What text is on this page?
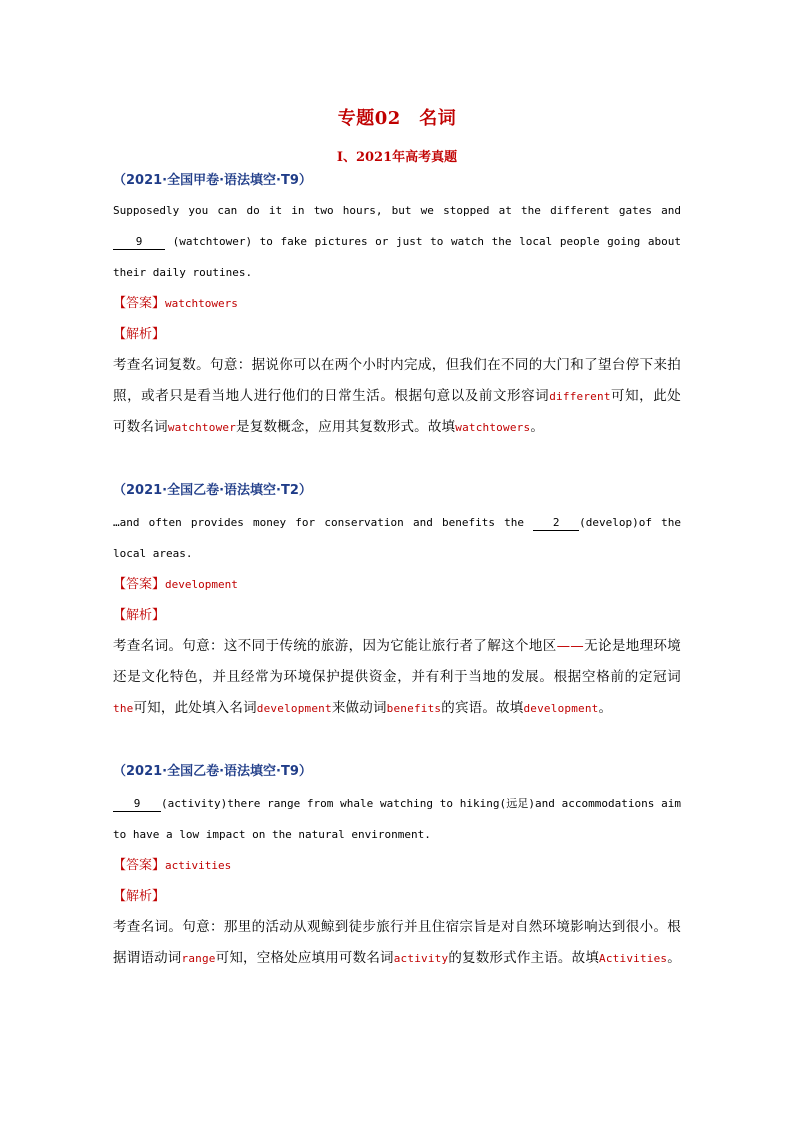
专题02　名词
I、2021年高考真题
（2021·全国甲卷·语法填空·T9）
Supposedly you can do it in two hours, but we stopped at the different gates and 9 (watchtower) to fake pictures or just to watch the local people going about their daily routines.
【答案】watchtowers
【解析】
考查名词复数。句意：据说你可以在两个小时内完成，但我们在不同的大门和了望台停下来拍照，或者只是看当地人进行他们的日常生活。根据句意以及前文形容词different可知，此处可数名词watchtower是复数概念，应用其复数形式。故填watchtowers。
（2021·全国乙卷·语法填空·T2）
…and often provides money for conservation and benefits the 2 (develop)of the local areas.
【答案】development
【解析】
考查名词。句意：这不同于传统的旅游，因为它能让旅行者了解这个地区——无论是地理环境还是文化特色，并且经常为环境保护提供资金，并有利于当地的发展。根据空格前的定冠词the可知，此处填入名词development来做动词benefits的宾语。故填development。
（2021·全国乙卷·语法填空·T9）
9 (activity)there range from whale watching to hiking(远足)and accommodations aim to have a low impact on the natural environment.
【答案】activities
【解析】
考查名词。句意：那里的活动从观鲸到徒步旅行并且住宿宗旨是对自然环境影响达到很小。根据谓语动词range可知，空格处应填用可数名词activity的复数形式作主语。故填Activities。
